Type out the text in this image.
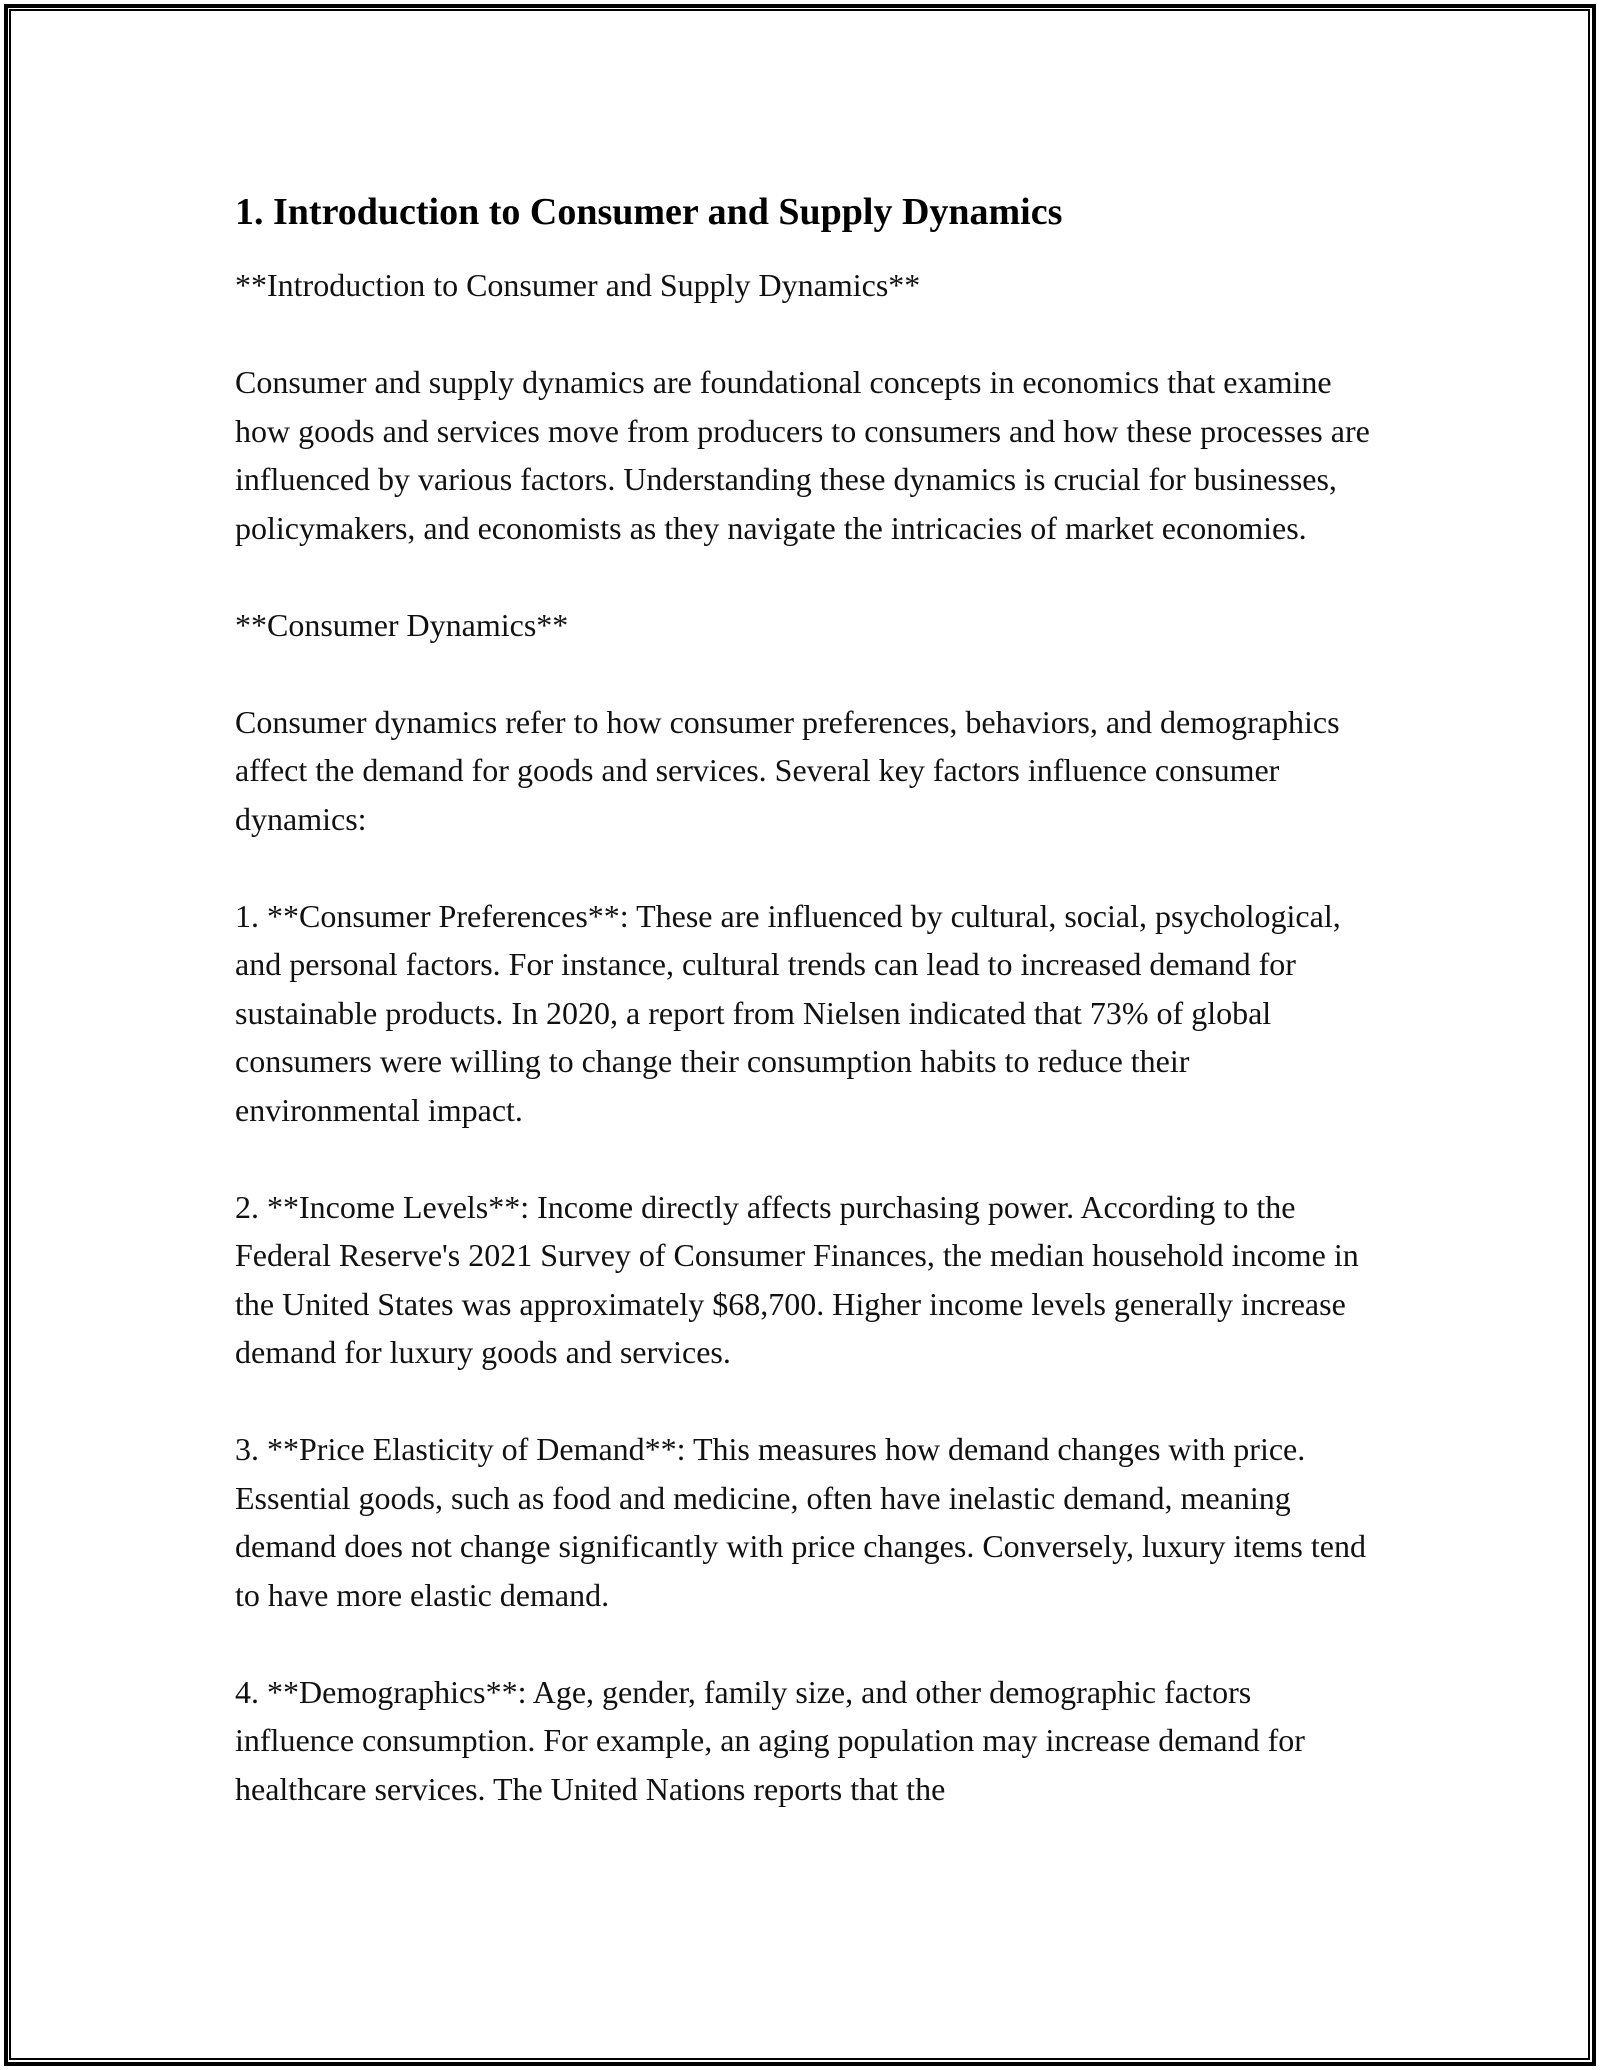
1. Introduction to Consumer and Supply Dynamics

**Introduction to Consumer and Supply Dynamics**

Consumer and supply dynamics are foundational concepts in economics that examine how goods and services move from producers to consumers and how these processes are influenced by various factors. Understanding these dynamics is crucial for businesses, policymakers, and economists as they navigate the intricacies of market economies.

**Consumer Dynamics**

Consumer dynamics refer to how consumer preferences, behaviors, and demographics affect the demand for goods and services. Several key factors influence consumer dynamics:

1. **Consumer Preferences**: These are influenced by cultural, social, psychological, and personal factors. For instance, cultural trends can lead to increased demand for sustainable products. In 2020, a report from Nielsen indicated that 73% of global consumers were willing to change their consumption habits to reduce their environmental impact.

2. **Income Levels**: Income directly affects purchasing power. According to the Federal Reserve's 2021 Survey of Consumer Finances, the median household income in the United States was approximately $68,700. Higher income levels generally increase demand for luxury goods and services.

3. **Price Elasticity of Demand**: This measures how demand changes with price. Essential goods, such as food and medicine, often have inelastic demand, meaning demand does not change significantly with price changes. Conversely, luxury items tend to have more elastic demand.

4. **Demographics**: Age, gender, family size, and other demographic factors influence consumption. For example, an aging population may increase demand for healthcare services. The United Nations reports that the
